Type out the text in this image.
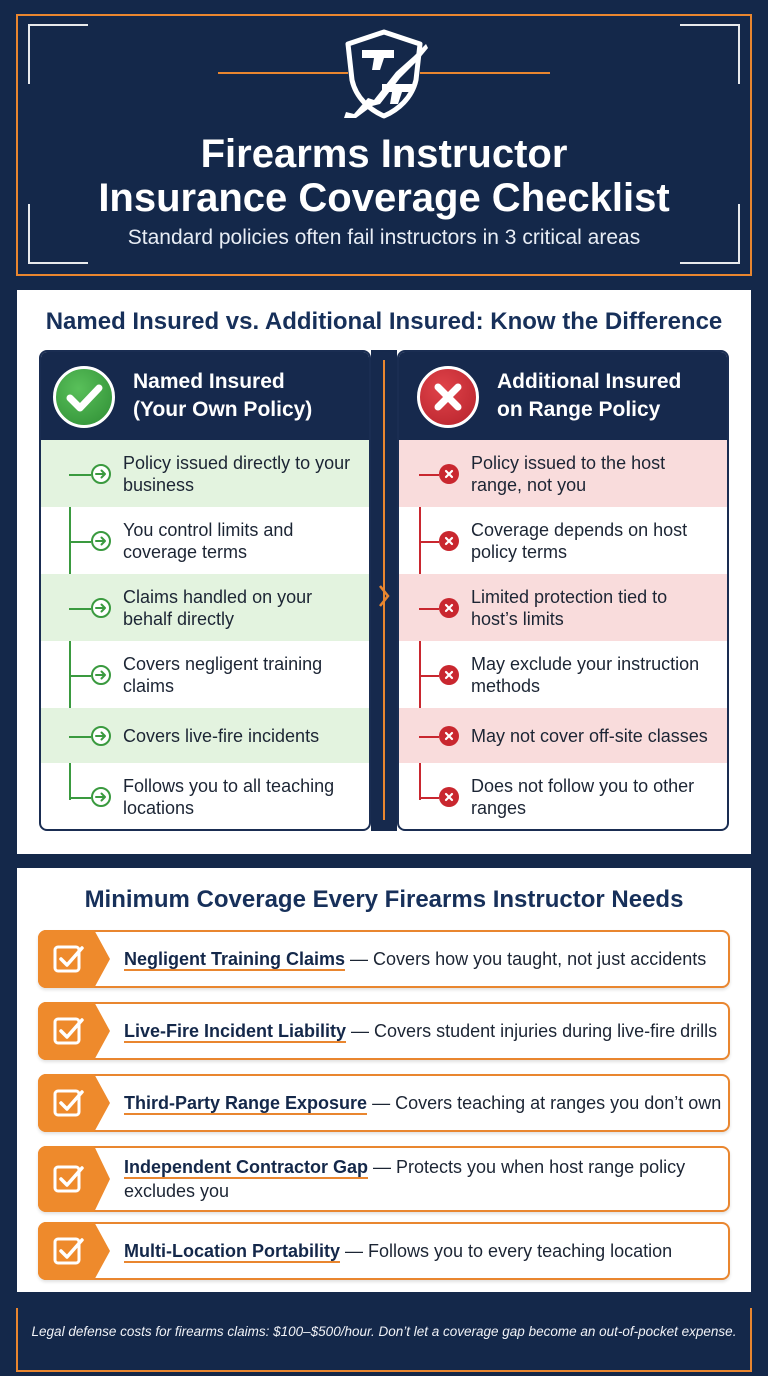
Firearms Instructor
Insurance Coverage Checklist
Standard policies often fail instructors in 3 critical areas
Named Insured vs. Additional Insured: Know the Difference
Named Insured
(Your Own Policy)
Policy issued directly to your business
You control limits and coverage terms
Claims handled on your behalf directly
Covers negligent training claims
Covers live-fire incidents
Follows you to all teaching locations
Additional Insured
on Range Policy
Policy issued to the host range, not you
Coverage depends on host policy terms
Limited protection tied to host’s limits
May exclude your instruction methods
May not cover off-site classes
Does not follow you to other ranges
Minimum Coverage Every Firearms Instructor Needs
Negligent Training Claims — Covers how you taught, not just accidents
Live-Fire Incident Liability — Covers student injuries during live-fire drills
Third-Party Range Exposure — Covers teaching at ranges you don’t own
Independent Contractor Gap — Protects you when host range policy excludes you
Multi-Location Portability — Follows you to every teaching location
Legal defense costs for firearms claims: $100–$500/hour. Don’t let a coverage gap become an out-of-pocket expense.
